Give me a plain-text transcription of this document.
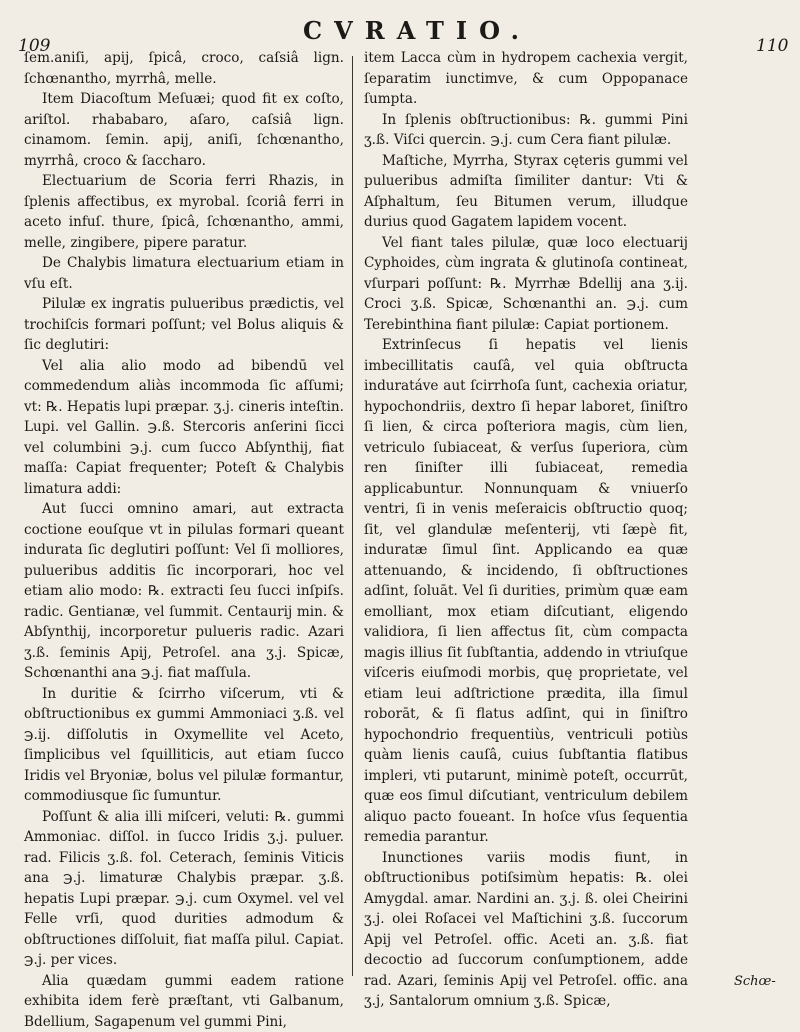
109
CVRATIO.
110

ſem.aniſi, apij, ſpicâ, croco, caſsiâ lign. ſchœnantho, myrrhâ, melle.

Item Diacoſtum Meſuæi; quod fit ex coſto, ariſtol. rhababaro, aſaro, caſsiâ lign. cinamom. ſemin. apij, aniſi, ſchœnantho, myrrhâ, croco & ſaccharo.

Electuarium de Scoria ferri Rhazis, in ſplenis affectibus, ex myrobal. ſcoriâ ferri in aceto infuſ. thure, ſpicâ, ſchœnantho, ammi, melle, zingibere, pipere paratur.

De Chalybis limatura electuarium etiam in vſu eſt.

Pilulæ ex ingratis pulueribus prædictis, vel trochiſcis formari poſſunt; vel Bolus aliquis & ſic deglutiri:

Vel alia alio modo ad bibendū vel commedendum aliàs incommoda ſic aſſumi; vt: ℞. Hepatis lupi præpar. ʒ.j. cineris inteſtin. Lupi. vel Gallin. ℈.ß. Stercoris anſerini ſicci vel columbini ℈.j. cum ſucco Abſynthij, fiat maſſa: Capiat frequenter; Poteſt & Chalybis limatura addi:

Aut ſucci omnino amari, aut extracta coctione eouſque vt in pilulas formari queant indurata ſic deglutiri poſſunt: Vel ſi molliores, pulueribus additis ſic incorporari, hoc vel etiam alio modo: ℞. extracti ſeu ſucci inſpiſs. radic. Gentianæ, vel ſummit. Centaurij min. & Abſynthij, incorporetur pulueris radic. Azari ʒ.ß. ſeminis Apij, Petroſel. ana ʒ.j. Spicæ, Schœnanthi ana ℈.j. fiat maſſula.

In duritie & ſcirrho viſcerum, vti & obſtructionibus ex gummi Ammoniaci ʒ.ß. vel ℈.ij. diſſolutis in Oxymellite vel Aceto, ſimplicibus vel ſquilliticis, aut etiam ſucco Iridis vel Bryoniæ, bolus vel pilulæ formantur, commodiusque ſic ſumuntur.

Poſſunt & alia illi miſceri, veluti: ℞. gummi Ammoniac. diſſol. in ſucco Iridis ʒ.j. puluer. rad. Filicis ʒ.ß. fol. Ceterach, ſeminis Viticis ana ℈.j. limaturæ Chalybis præpar. ʒ.ß. hepatis Lupi præpar. ℈.j. cum Oxymel. vel vel Felle vrſi, quod durities admodum & obſtructiones diſſoluit, fiat maſſa pilul. Capiat. ℈.j. per vices.

Alia quædam gummi eadem ratione exhibita idem ferè præſtant, vti Galbanum, Bdellium, Sagapenum vel gummi Pini,

item Lacca cùm in hydropem cachexia vergit, ſeparatim iunctimve, & cum Oppopanace ſumpta.

In ſplenis obſtructionibus: ℞. gummi Pini ʒ.ß. Viſci quercin. ℈.j. cum Cera fiant pilulæ.

Maſtiche, Myrrha, Styrax cęteris gummi vel pulueribus admiſta ſimiliter dantur: Vti & Aſphaltum, ſeu Bitumen verum, illudque durius quod Gagatem lapidem vocent.

Vel fiant tales pilulæ, quæ loco electuarij Cyphoides, cùm ingrata & glutinoſa contineat, vſurpari poſſunt: ℞. Myrrhæ Bdellij ana ʒ.ij. Croci ʒ.ß. Spicæ, Schœnanthi an. ℈.j. cum Terebinthina fiant pilulæ: Capiat portionem.

Extrinſecus ſi hepatis vel lienis imbecillitatis cauſâ, vel quia obſtructa induratáve aut ſcirrhoſa ſunt, cachexia oriatur, hypochondriis, dextro ſi hepar laboret, ſiniſtro ſi lien, & circa poſteriora magis, cùm lien, vetriculo ſubiaceat, & verſus ſuperiora, cùm ren ſiniſter illi ſubiaceat, remedia applicabuntur. Nonnunquam & vniuerſo ventri, ſi in venis meſeraicis obſtructio quoq; ſit, vel glandulæ meſenterij, vti ſæpè fit, induratæ ſimul ſint. Applicando ea quæ attenuando, & incidendo, ſi obſtructiones adſint, ſoluāt. Vel ſi durities, primùm quæ eam emolliant, mox etiam diſcutiant, eligendo validiora, ſi lien affectus ſit, cùm compacta magis illius ſit ſubſtantia, addendo in vtriuſque viſceris eiuſmodi morbis, quę proprietate, vel etiam leui adſtrictione prædita, illa ſimul roborāt, & ſi flatus adſint, qui in ſiniſtro hypochondrio frequentiùs, ventriculi potiùs quàm lienis cauſâ, cuius ſubſtantia flatibus impleri, vti putarunt, minimè poteſt, occurrūt, quæ eos ſimul diſcutiant, ventriculum debilem aliquo pacto foueant. In hoſce vſus ſequentia remedia parantur.

Inunctiones variis modis fiunt, in obſtructionibus potiſsimùm hepatis: ℞. olei Amygdal. amar. Nardini an. ʒ.j. ß. olei Cheirini ʒ.j. olei Roſacei vel Maſtichini ʒ.ß. ſuccorum Apij vel Petroſel. offic. Aceti an. ʒ.ß. fiat decoctio ad ſuccorum conſumptionem, adde rad. Azari, ſeminis Apij vel Petroſel. offic. ana ʒ.j, Santalorum omnium ʒ.ß. Spicæ,

Schœ-
